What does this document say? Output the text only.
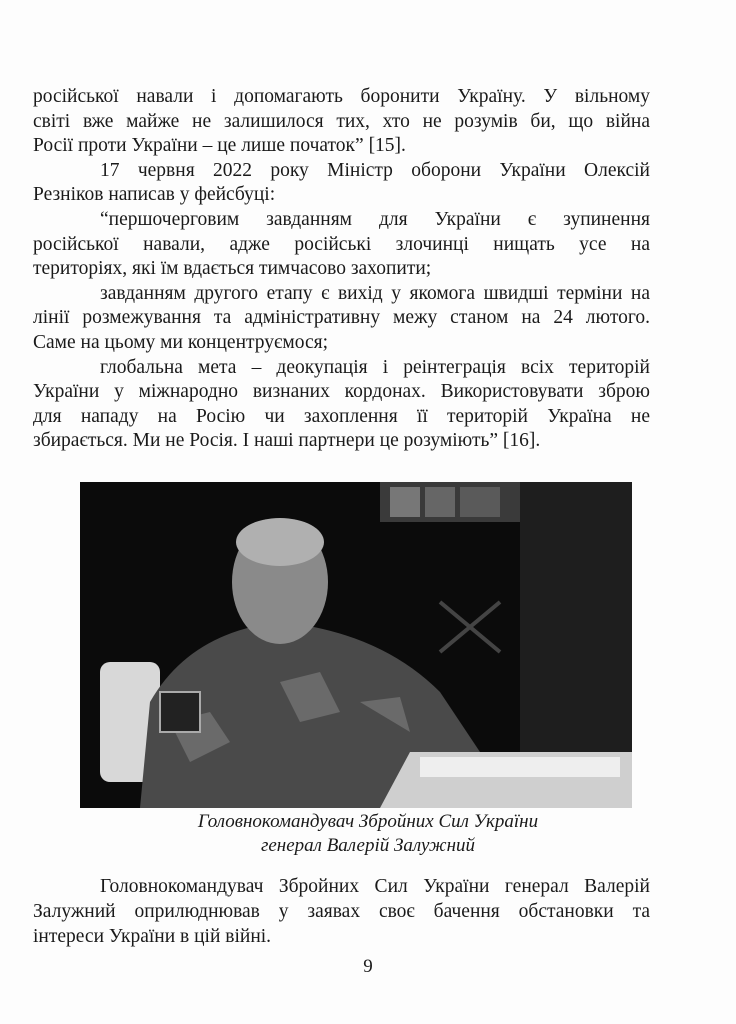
російської навали і допомагають боронити Україну. У вільному
світі вже майже не залишилося тих, хто не розумів би, що війна
Росії проти України – це лише початок” [15].
17 червня 2022 року Міністр оборони України Олексій
Резніков написав у фейсбуці:
“першочерговим завданням для України є зупинення
російської навали, адже російські злочинці нищать усе на
територіях, які їм вдається тимчасово захопити;
завданням другого етапу є вихід у якомога швидші терміни на
лінії розмежування та адміністративну межу станом на 24 лютого.
Саме на цьому ми концентруємося;
глобальна мета – деокупація і реінтеграція всіх територій
України у міжнародно визнаних кордонах. Використовувати зброю
для нападу на Росію чи захоплення її територій Україна не
збирається. Ми не Росія. І наші партнери це розуміють” [16].
Головнокомандувач Збройних Сил України
генерал Валерій Залужний
Головнокомандувач Збройних Сил України генерал Валерій
Залужний оприлюднював у заявах своє бачення обстановки та
інтереси України в цій війні.
9
